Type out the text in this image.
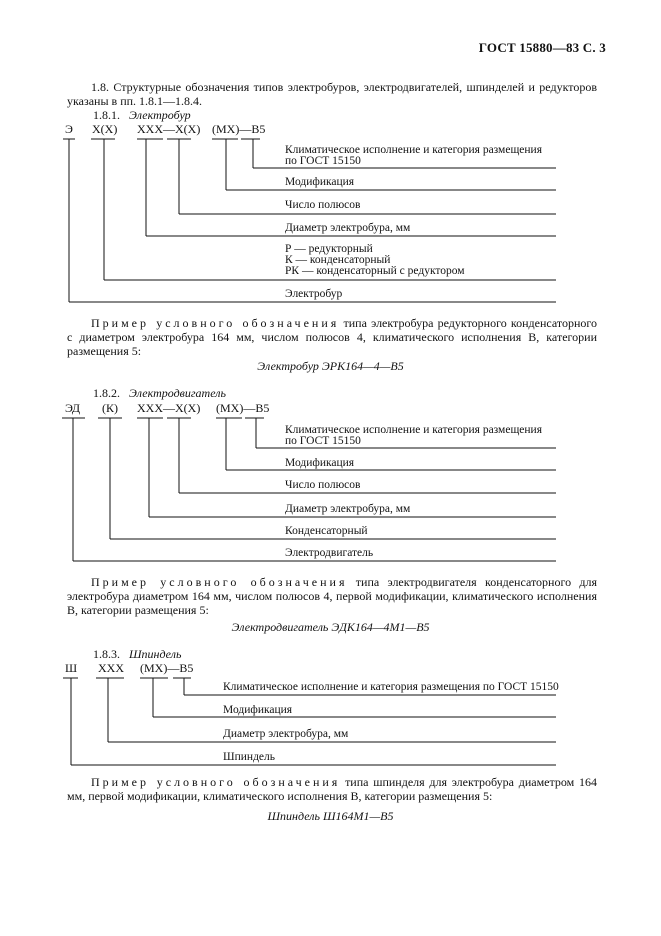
ГОСТ 15880—83 С. 3

1.8. Структурные обозначения типов электробуров, электродвигателей, шпинделей и редукторов указаны в пп. 1.8.1—1.8.4.

1.8.1. Электробур
Э Х(Х) ХХХ—Х(Х) (МХ)—В5
Климатическое исполнение и категория размещения
по ГОСТ 15150
Модификация
Число полюсов
Диаметр электробура, мм
Р — редукторный
К — конденсаторный
РК — конденсаторный с редуктором
Электробур

Пример условного обозначения типа электробура редукторного конденсаторного с диаметром электробура 164 мм, числом полюсов 4, климатического исполнения В, категории размещения 5:

Электробур ЭРК164—4—В5
1.8.2. Электродвигатель
ЭД (К) ХХХ—Х(Х) (МХ)—В5
Климатическое исполнение и категория размещения
по ГОСТ 15150
Модификация
Число полюсов
Диаметр электробура, мм
Конденсаторный
Электродвигатель

Пример условного обозначения типа электродвигателя конденсаторного для электробура диаметром 164 мм, числом полюсов 4, первой модификации, климатического исполнения В, категории размещения 5:

Электродвигатель ЭДК164—4М1—В5
1.8.3. Шпиндель
Ш ХХХ (МХ)—В5
Климатическое исполнение и категория размещения по ГОСТ 15150
Модификация
Диаметр электробура, мм
Шпиндель

Пример условного обозначения типа шпинделя для электробура диаметром 164 мм, первой модификации, климатического исполнения В, категории размещения 5:

Шпиндель Ш164М1—В5
